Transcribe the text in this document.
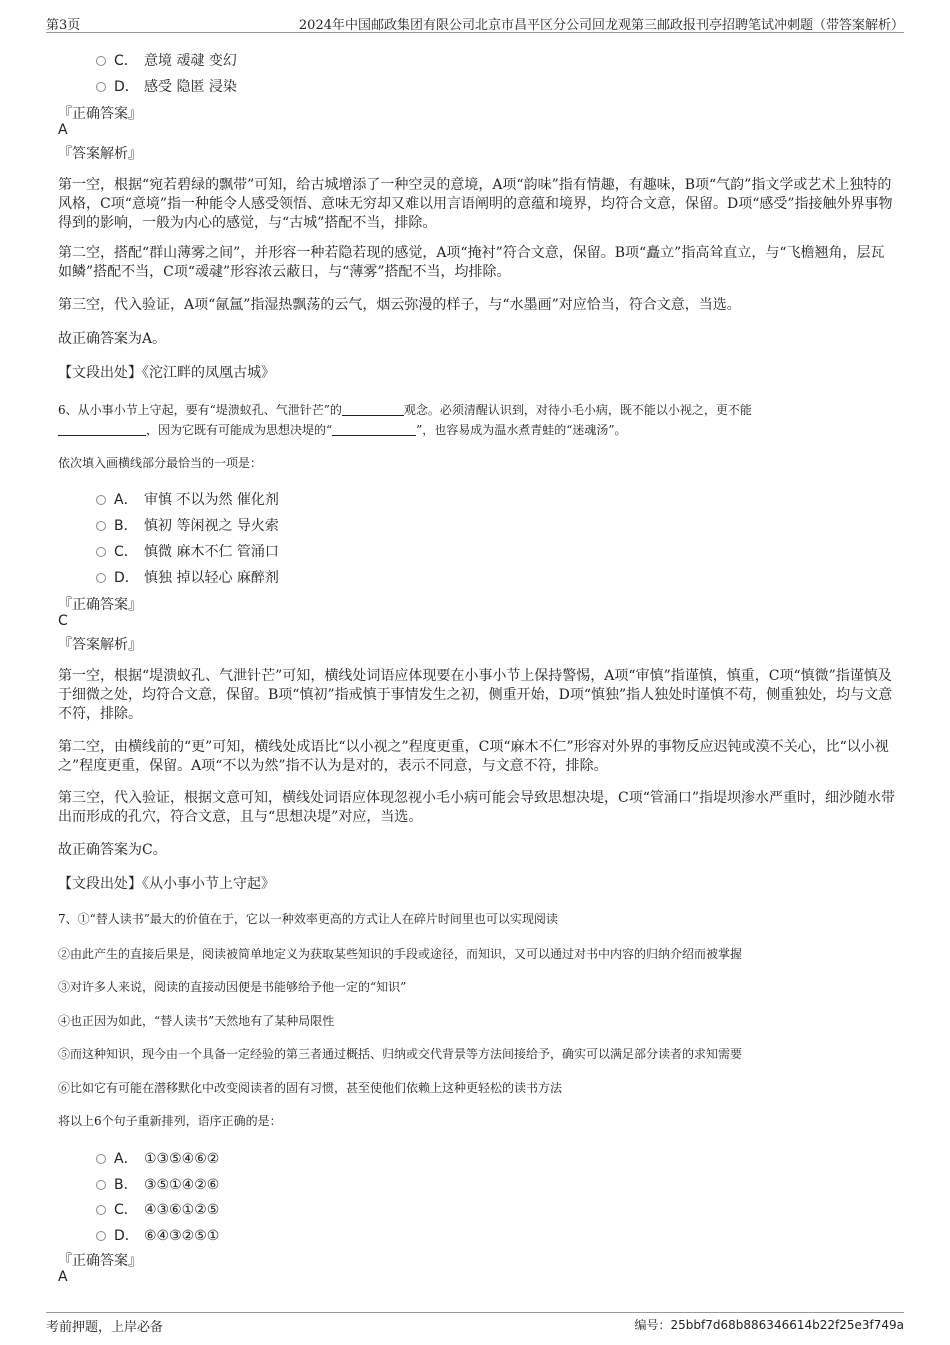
第3页	2024年中国邮政集团有限公司北京市昌平区分公司回龙观第三邮政报刊亭招聘笔试冲刺题（带答案解析）
C． 意境 叆叇 变幻
D． 感受 隐匿 浸染
『正确答案』
A
『答案解析』
第一空，根据“宛若碧绿的飘带”可知，给古城增添了一种空灵的意境，A项“韵味”指有情趣，有趣味，B项“气韵”指文学或艺术上独特的风格，C项“意境”指一种能令人感受领悟、意味无穷却又难以用言语阐明的意蕴和境界，均符合文意，保留。D项“感受”指接触外界事物得到的影响，一般为内心的感觉，与“古城”搭配不当，排除。
第二空，搭配“群山薄雾之间”，并形容一种若隐若现的感觉，A项“掩衬”符合文意，保留。B项“矗立”指高耸直立，与“飞檐翘角，层瓦如鳞”搭配不当，C项“叆叇”形容浓云蔽日，与“薄雾”搭配不当，均排除。
第三空，代入验证，A项“氤氲”指湿热飘荡的云气，烟云弥漫的样子，与“水墨画”对应恰当，符合文意，当选。
故正确答案为A。
【文段出处】《沱江畔的凤凰古城》
6、从小事小节上守起，要有“堤溃蚁孔、气泄针芒”的	观念。必须清醒认识到，对待小毛小病，既不能以小视之，更不能
，因为它既有可能成为思想决堤的“	”，也容易成为温水煮青蛙的“迷魂汤”。
依次填入画横线部分最恰当的一项是：
A． 审慎 不以为然 催化剂
B． 慎初 等闲视之 导火索
C． 慎微 麻木不仁 管涌口
D． 慎独 掉以轻心 麻醉剂
『正确答案』
C
『答案解析』
第一空，根据“堤溃蚁孔、气泄针芒”可知，横线处词语应体现要在小事小节上保持警惕，A项“审慎”指谨慎，慎重，C项“慎微”指谨慎及于细微之处，均符合文意，保留。B项“慎初”指戒慎于事情发生之初，侧重开始，D项“慎独”指人独处时谨慎不苟，侧重独处，均与文意不符，排除。
第二空，由横线前的“更”可知，横线处成语比“以小视之”程度更重，C项“麻木不仁”形容对外界的事物反应迟钝或漠不关心，比“以小视之”程度更重，保留。A项“不以为然”指不认为是对的，表示不同意，与文意不符，排除。
第三空，代入验证，根据文意可知，横线处词语应体现忽视小毛小病可能会导致思想决堤，C项“管涌口”指堤坝渗水严重时，细沙随水带出而形成的孔穴，符合文意，且与“思想决堤”对应，当选。
故正确答案为C。
【文段出处】《从小事小节上守起》
7、①“替人读书”最大的价值在于，它以一种效率更高的方式让人在碎片时间里也可以实现阅读
②由此产生的直接后果是，阅读被简单地定义为获取某些知识的手段或途径，而知识，又可以通过对书中内容的归纳介绍而被掌握
③对许多人来说，阅读的直接动因便是书能够给予他一定的“知识”
④也正因为如此，“替人读书”天然地有了某种局限性
⑤而这种知识，现今由一个具备一定经验的第三者通过概括、归纳或交代背景等方法间接给予，确实可以满足部分读者的求知需要
⑥比如它有可能在潜移默化中改变阅读者的固有习惯，甚至使他们依赖上这种更轻松的读书方法
将以上6个句子重新排列，语序正确的是：
A． ①③⑤④⑥②
B． ③⑤①④②⑥
C． ④③⑥①②⑤
D． ⑥④③②⑤①
『正确答案』
A
考前押题，上岸必备	编号：25bbf7d68b886346614b22f25e3f749a
